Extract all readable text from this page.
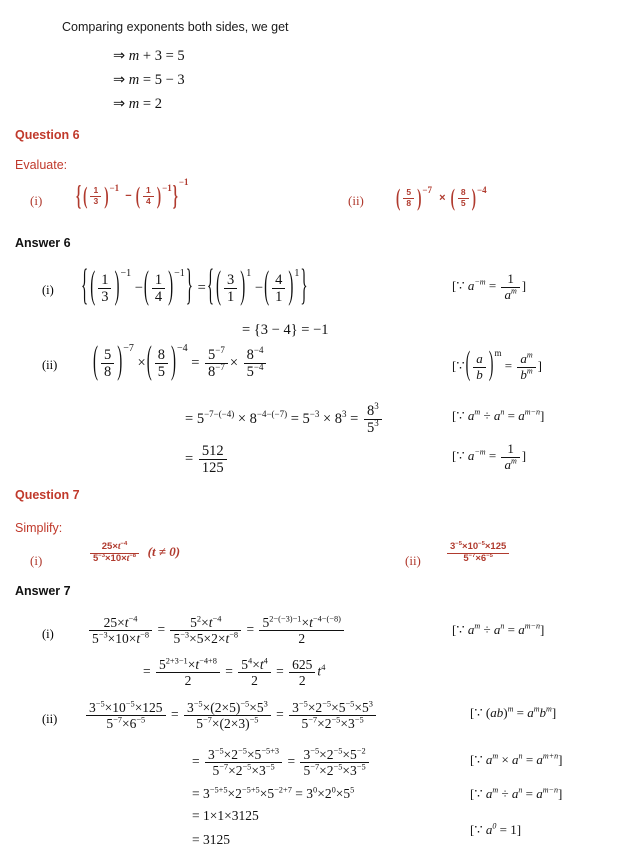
Comparing exponents both sides, we get
⇒ m + 3 = 5
⇒ m = 5 − 3
⇒ m = 2
Question 6
Evaluate:
(i)	{ ( $\frac{1}{3} )-1$ − ( $\frac{1}{4} )-1\}-1$
(ii) ( $\frac{5}{8} )-7$ × ( $\frac{8}{5} )-4$
Answer 6
(i) { ( $\frac{1}{3} )-1$ −( $\frac{1}{4} )-1$} ={ ( $\frac{3}{1} )1$ −( $\frac{4}{1} )1$}
= {3 − 4} = −1
[∵ $a^{-m} = \frac{1}{a^m}$ ]
(ii) ( $\frac{5}{8} )-7$ ×( $\frac{8}{5} )-4 = \frac{5^{-7}}{8^{-7}} \times \frac{8^{-4}}{5^{-4}}$	[∵( $\frac{a}{b} )m = \frac{a^m}{b^m}$ ]
= $5^{-7-(-4)} \times 8^{-4-(-7)} = 5^{-3} \times 8^3 = \frac{8^3}{5^3}$	[∵ $a^m \div a^n = a^{m-n}$]
= $\frac{512}{125}$	[∵ $a^{-m} = \frac{1}{a^m}$ ]
Question 7
Simplify:
(i)	$\frac{25\times t^{-4}}{5^{-3}\times 10\times t^{-8}} (t \ne 0)$
(ii)	$\frac{3^{-5}\times 10^{-5}\times 125}{5^{-7}\times 6^{-5}}$
Answer 7
(i)	$\frac{25\times t^{-4}}{5^{-3}\times 10\times t^{-8}} = \frac{5^2\times t^{-4}}{5^{-3}\times 5\times 2\times t^{-8}} = \frac{5^{2-(-3)-1}\times t^{-4-(-8)}}{2}$	[∵ $a^m \div a^n = a^{m-n}$]
= $\frac{5^{2+3-1}\times t^{-4+8}}{2} = \frac{5^4\times t^4}{2} = \frac{625}{2} t^4$
$(ii) \frac{3^{-5}\times 10^{-5}\times 125}{5^{-7}\times 6^{-5}} = \frac{3^{-5}\times(2\times 5)^{-5}\times 5^3}{5^{-7}\times(2\times 3)^{-5}} = \frac{3^{-5}\times 2^{-5}\times 5^{-5}\times 5^3}{5^{-7}\times 2^{-5}\times 3^{-5}}$	[∵ $(ab)^m = a^mb^m$]
= $\frac{3^{-5}\times 2^{-5}\times 5^{-5+3}}{5^{-7}\times 2^{-5}\times 3^{-5}} = \frac{3^{-5}\times 2^{-5}\times 5^{-2}}{5^{-7}\times 2^{-5}\times 3^{-5}}$	[∵ $a^m \times a^n = a^{m+n}$]
= $3^{-5+5}\times 2^{-5+5}\times 5^{-2+7} = 3^0\times 2^0\times 5^5$	[∵ $a^m \div a^n = a^{m-n}$]
= 1×1×3125
[∵ $a^0 = 1$]
= 3125
